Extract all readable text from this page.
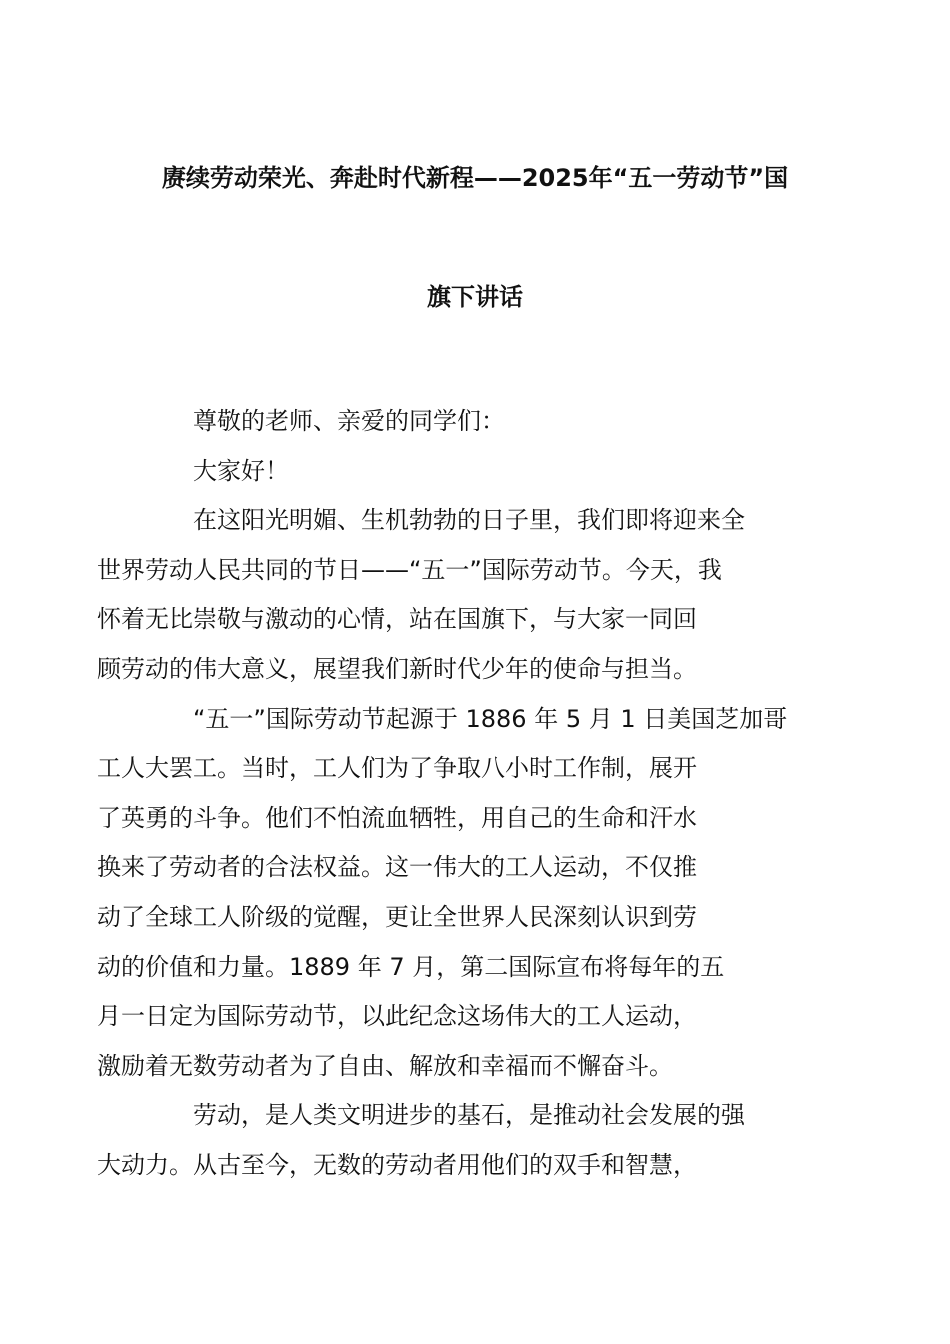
赓续劳动荣光、奔赴时代新程——2025年“五一劳动节”国
旗下讲话

尊敬的老师、亲爱的同学们：

大家好！

在这阳光明媚、生机勃勃的日子里，我们即将迎来全
世界劳动人民共同的节日——“五一”国际劳动节。今天，我
怀着无比崇敬与激动的心情，站在国旗下，与大家一同回
顾劳动的伟大意义，展望我们新时代少年的使命与担当。

“五一”国际劳动节起源于 1886 年 5 月 1 日美国芝加哥
工人大罢工。当时，工人们为了争取八小时工作制，展开
了英勇的斗争。他们不怕流血牺牲，用自己的生命和汗水
换来了劳动者的合法权益。这一伟大的工人运动，不仅推
动了全球工人阶级的觉醒，更让全世界人民深刻认识到劳
动的价值和力量。1889 年 7 月，第二国际宣布将每年的五
月一日定为国际劳动节，以此纪念这场伟大的工人运动，
激励着无数劳动者为了自由、解放和幸福而不懈奋斗。

劳动，是人类文明进步的基石，是推动社会发展的强
大动力。从古至今，无数的劳动者用他们的双手和智慧，
